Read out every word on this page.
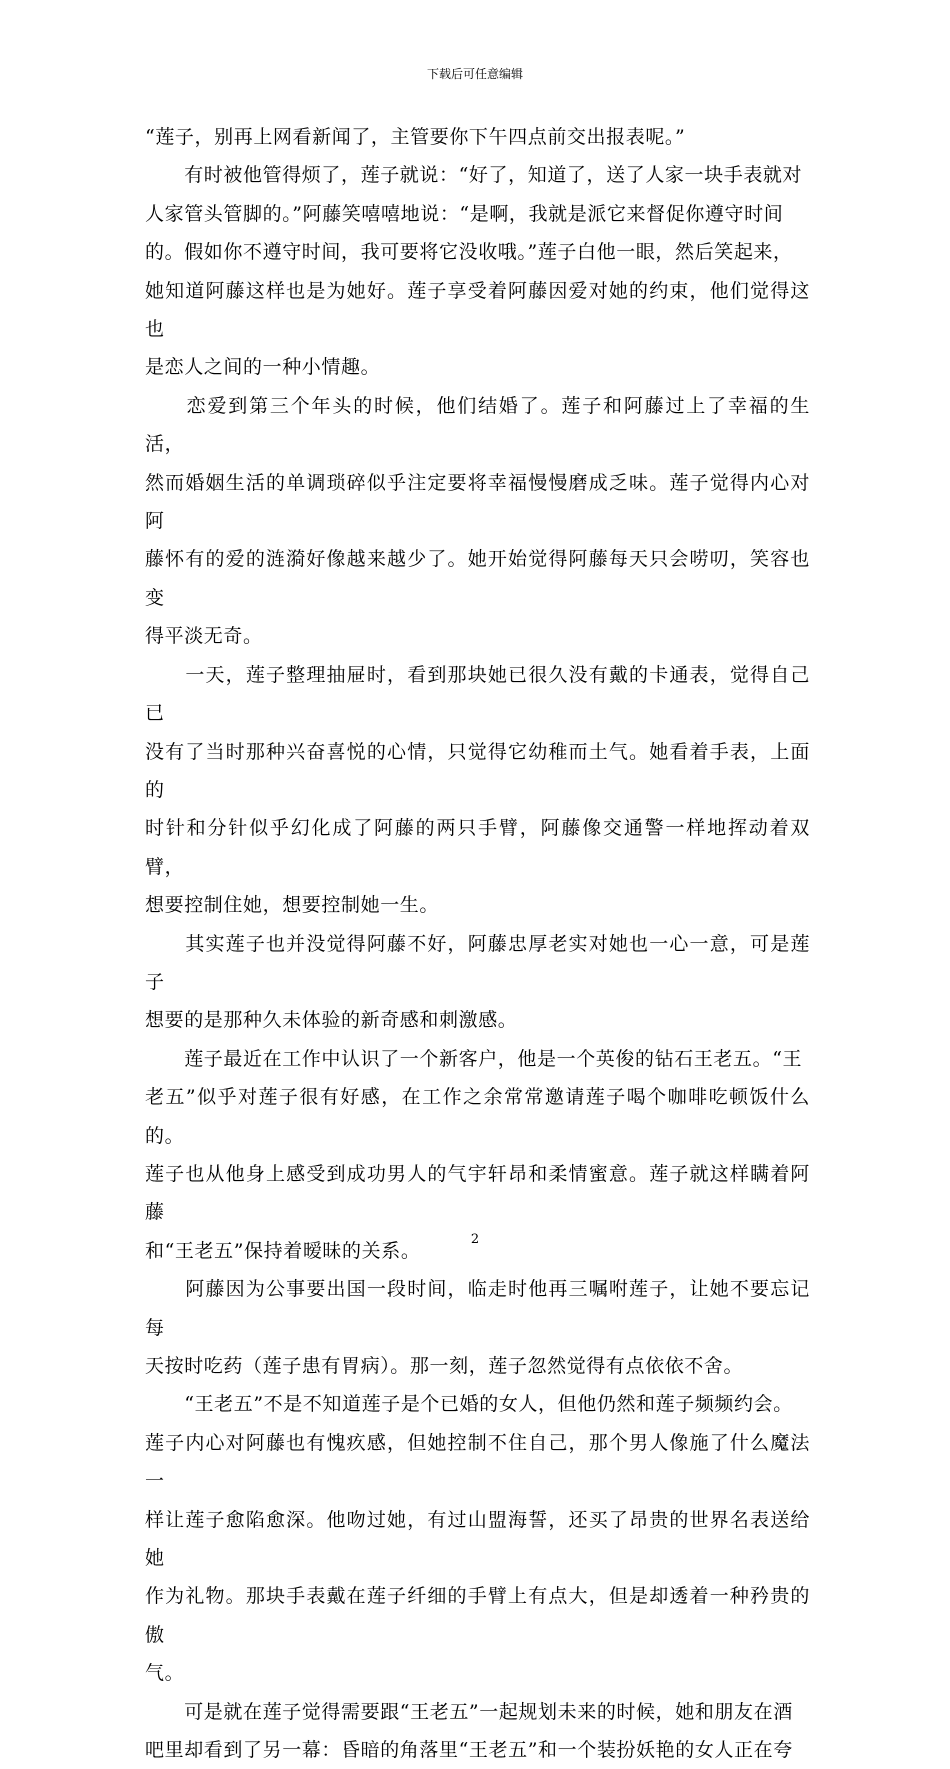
下载后可任意编辑

“莲子，别再上网看新闻了，主管要你下午四点前交出报表呢。”

　　有时被他管得烦了，莲子就说：“好了，知道了，送了人家一块手表就对

人家管头管脚的。”阿藤笑嘻嘻地说：“是啊，我就是派它来督促你遵守时间

的。假如你不遵守时间，我可要将它没收哦。”莲子白他一眼，然后笑起来，

她知道阿藤这样也是为她好。莲子享受着阿藤因爱对她的约束，他们觉得这也

是恋人之间的一种小情趣。

　　恋爱到第三个年头的时候，他们结婚了。莲子和阿藤过上了幸福的生活，

然而婚姻生活的单调琐碎似乎注定要将幸福慢慢磨成乏味。莲子觉得内心对阿

藤怀有的爱的涟漪好像越来越少了。她开始觉得阿藤每天只会唠叨，笑容也变

得平淡无奇。

　　一天，莲子整理抽屉时，看到那块她已很久没有戴的卡通表，觉得自己已

没有了当时那种兴奋喜悦的心情，只觉得它幼稚而土气。她看着手表，上面的

时针和分针似乎幻化成了阿藤的两只手臂，阿藤像交通警一样地挥动着双臂，

想要控制住她，想要控制她一生。

　　其实莲子也并没觉得阿藤不好，阿藤忠厚老实对她也一心一意，可是莲子

想要的是那种久未体验的新奇感和刺激感。

　　莲子最近在工作中认识了一个新客户，他是一个英俊的钻石王老五。“王

老五”似乎对莲子很有好感，在工作之余常常邀请莲子喝个咖啡吃顿饭什么的。

莲子也从他身上感受到成功男人的气宇轩昂和柔情蜜意。莲子就这样瞒着阿藤

和“王老五”保持着暧昧的关系。

　　阿藤因为公事要出国一段时间，临走时他再三嘱咐莲子，让她不要忘记每

天按时吃药（莲子患有胃病）。那一刻，莲子忽然觉得有点依依不舍。

　　“王老五”不是不知道莲子是个已婚的女人，但他仍然和莲子频频约会。

莲子内心对阿藤也有愧疚感，但她控制不住自己，那个男人像施了什么魔法一

样让莲子愈陷愈深。他吻过她，有过山盟海誓，还买了昂贵的世界名表送给她

作为礼物。那块手表戴在莲子纤细的手臂上有点大，但是却透着一种矜贵的傲

气。

　　可是就在莲子觉得需要跟“王老五”一起规划未来的时候，她和朋友在酒

吧里却看到了另一幕：昏暗的角落里“王老五”和一个装扮妖艳的女人正在夸

2
